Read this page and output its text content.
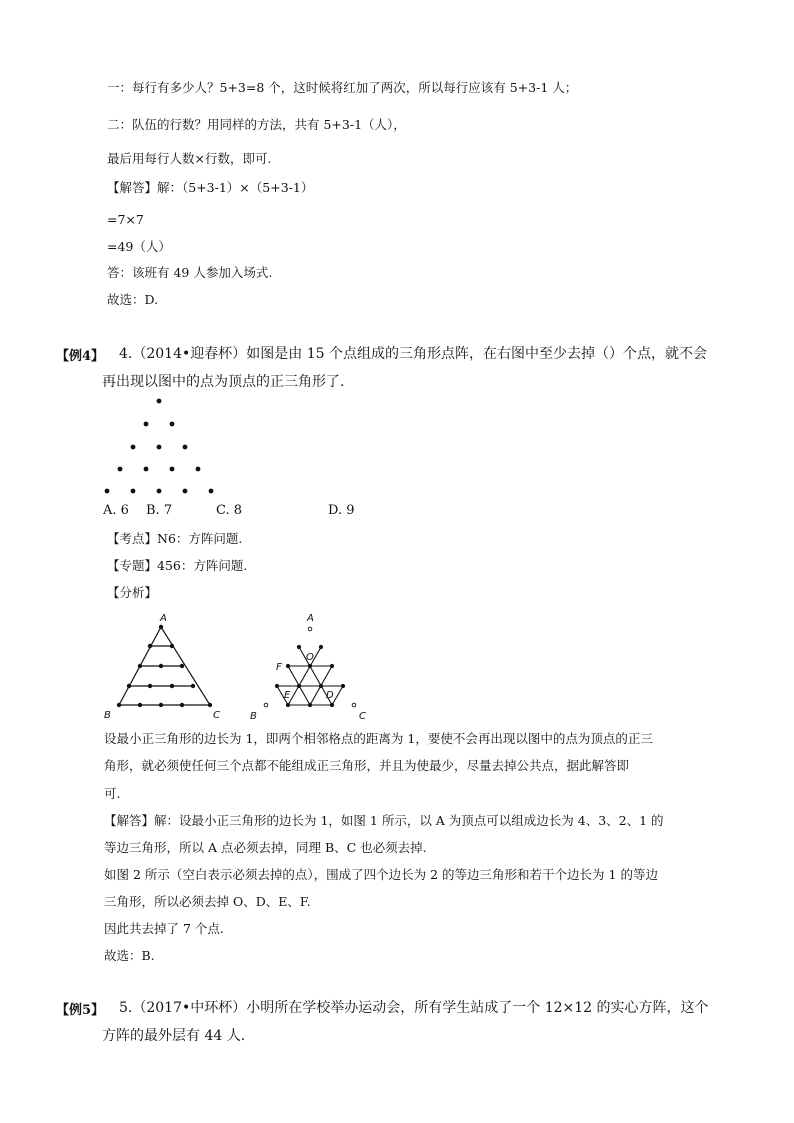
一：每行有多少人？5+3=8 个，这时候将红加了两次，所以每行应该有 5+3-1 人；
二：队伍的行数？用同样的方法，共有 5+3-1（人），
最后用每行人数×行数，即可.
【解答】解：（5+3-1）×（5+3-1）
=7×7
=49（人）
答：该班有 49 人参加入场式.
故选：D.
【例4】 4.（2014•迎春杯）如图是由 15 个点组成的三角形点阵，在右图中至少去掉（）个点，就不会
再出现以图中的点为顶点的正三角形了.
A. 6 B. 7	C. 8	D. 9
【考点】N6：方阵问题.
【专题】456：方阵问题.
【分析】
A
B	C
A
O
F
E	D
B	C
设最小正三角形的边长为 1，即两个相邻格点的距离为 1，要使不会再出现以图中的点为顶点的正三
角形，就必须使任何三个点都不能组成正三角形，并且为使最少，尽量去掉公共点，据此解答即
可.
【解答】解：设最小正三角形的边长为 1，如图 1 所示，以 A 为顶点可以组成边长为 4、3、2、1 的
等边三角形，所以 A 点必须去掉，同理 B、C 也必须去掉.
如图 2 所示（空白表示必须去掉的点），围成了四个边长为 2 的等边三角形和若干个边长为 1 的等边
三角形，所以必须去掉 O、D、E、F.
因此共去掉了 7 个点.
故选：B.
【例5】 5.（2017•中环杯）小明所在学校举办运动会，所有学生站成了一个 12×12 的实心方阵，这个
方阵的最外层有 44 人.
